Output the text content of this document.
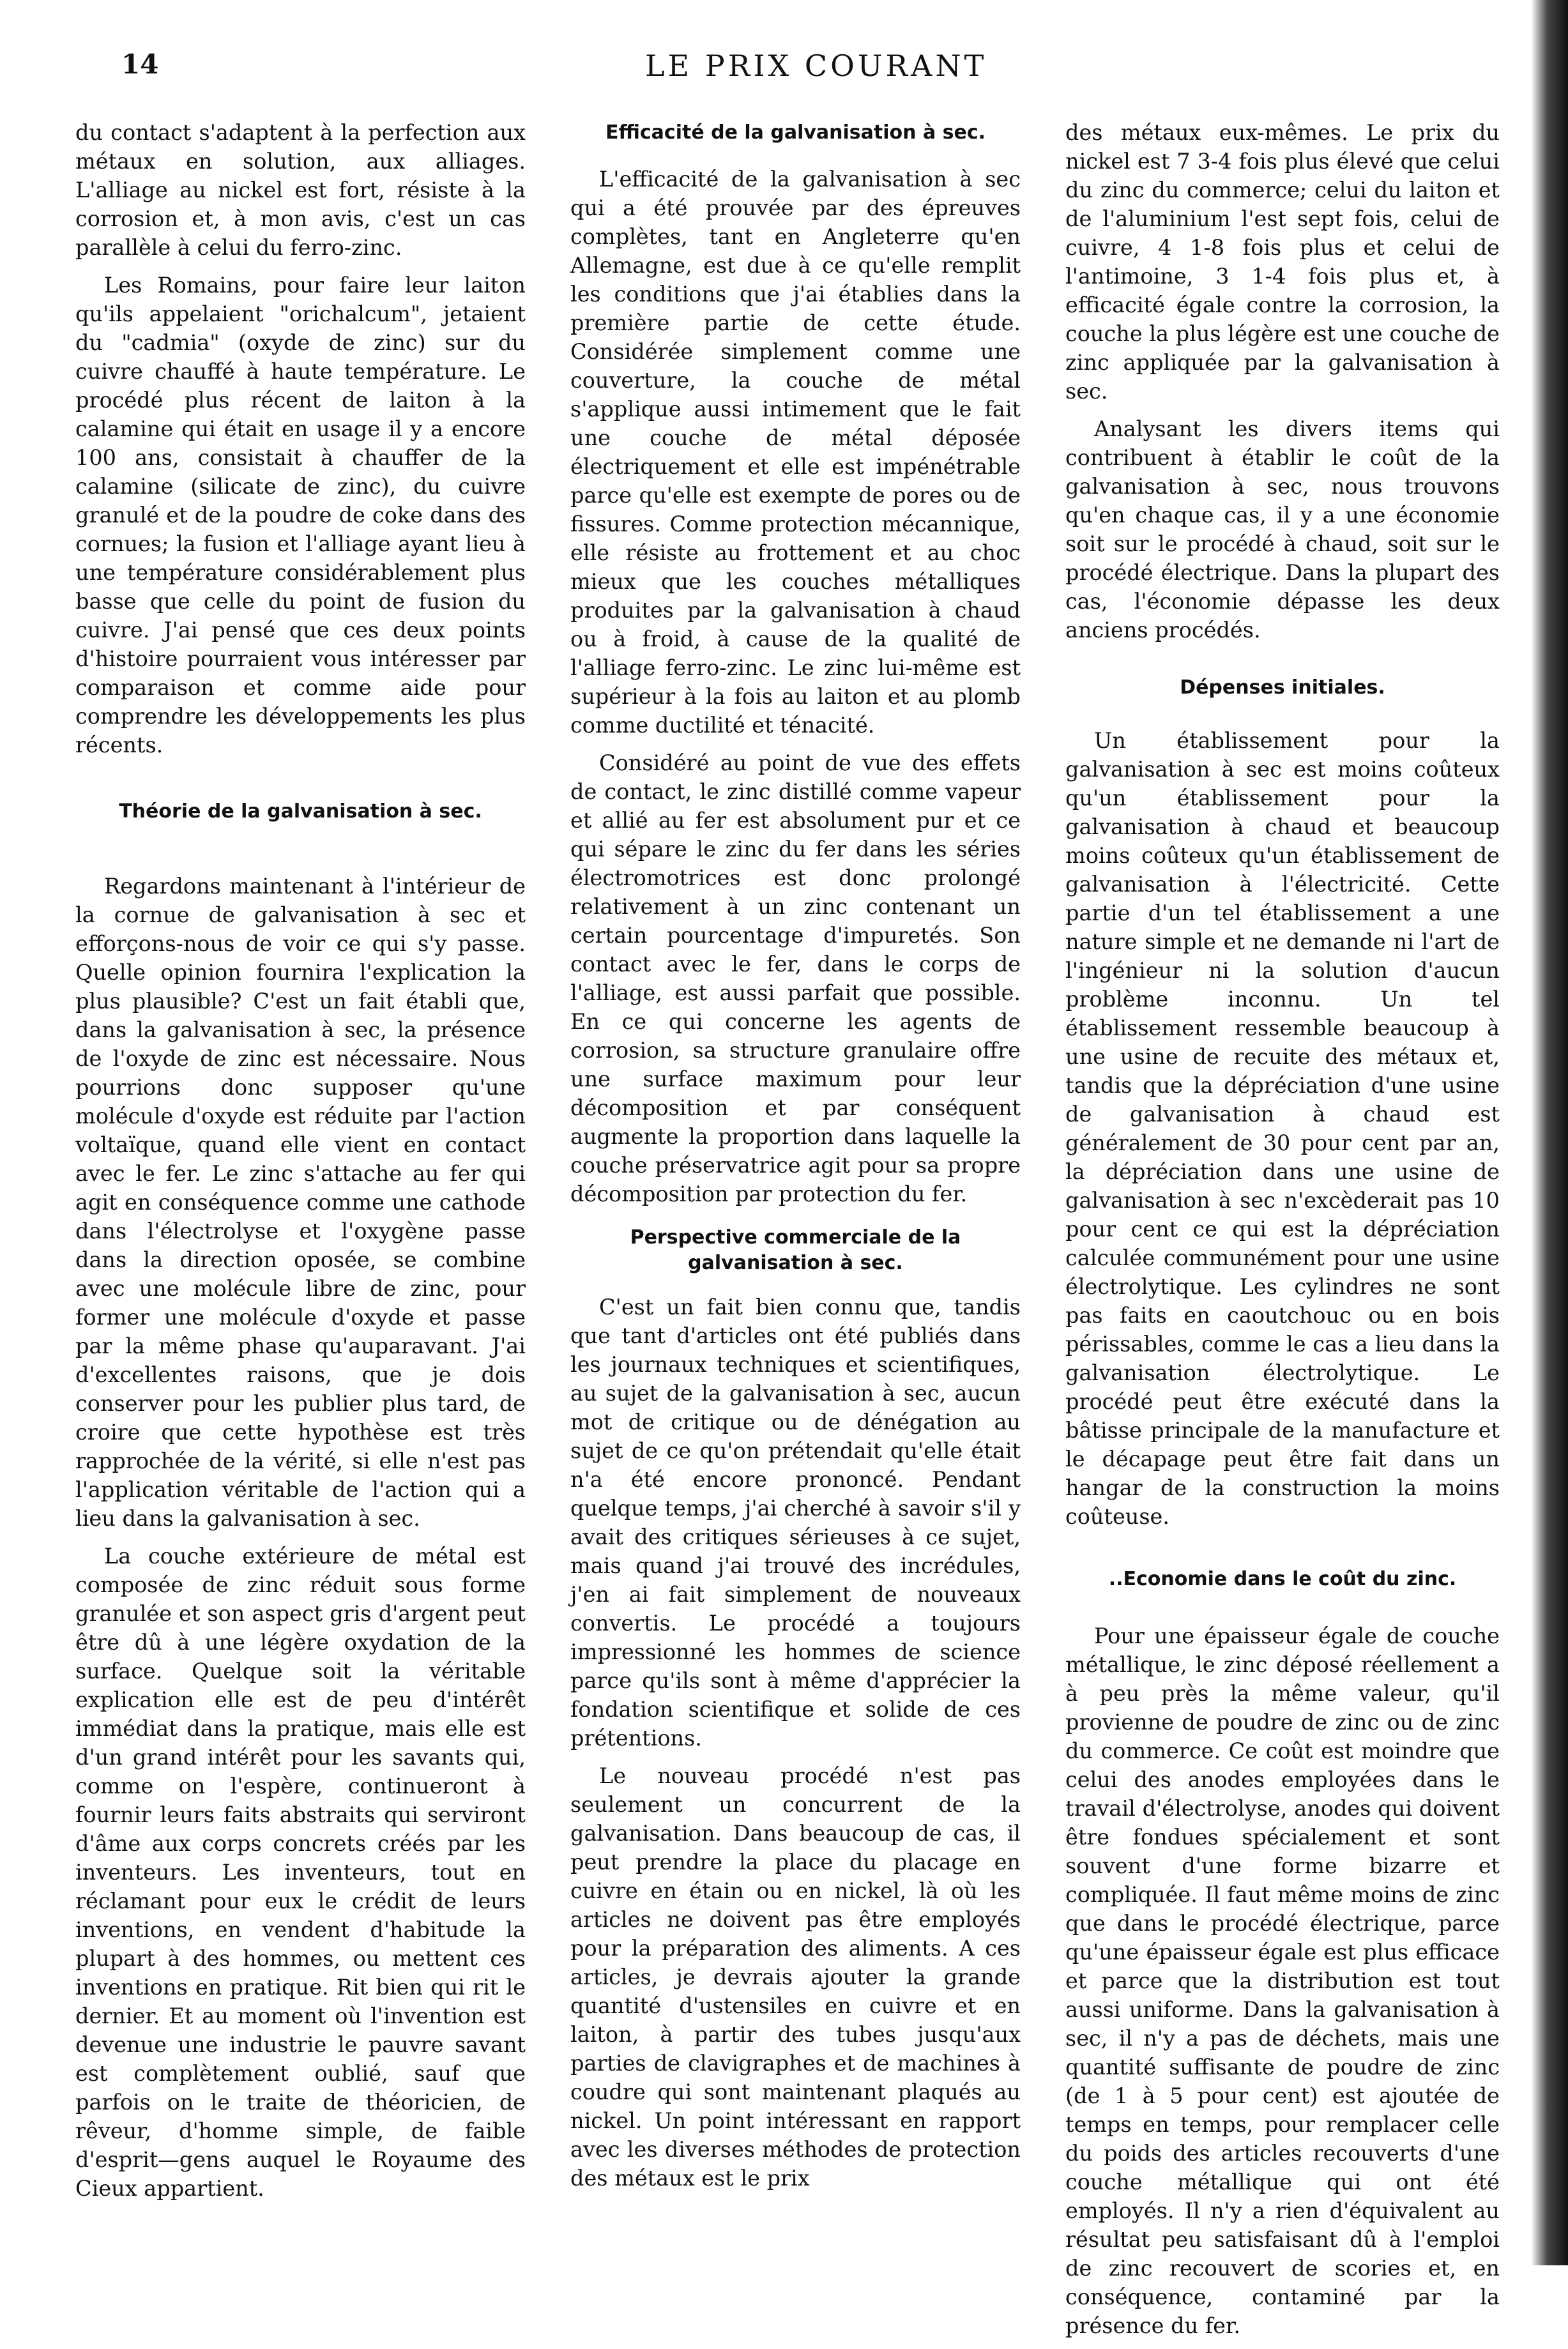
14	LE PRIX COURANT

du contact s'adaptent à la perfection aux métaux en solution, aux alliages. L'alliage au nickel est fort, résiste à la corrosion et, à mon avis, c'est un cas parallèle à celui du ferro-zinc.

Les Romains, pour faire leur laiton qu'ils appelaient "orichalcum", jetaient du "cadmia" (oxyde de zinc) sur du cuivre chauffé à haute température. Le procédé plus récent de laiton à la calamine qui était en usage il y a encore 100 ans, consistait à chauffer de la calamine (silicate de zinc), du cuivre granulé et de la poudre de coke dans des cornues; la fusion et l'alliage ayant lieu à une température considérablement plus basse que celle du point de fusion du cuivre. J'ai pensé que ces deux points d'histoire pourraient vous intéresser par comparaison et comme aide pour comprendre les développements les plus récents.

Théorie de la galvanisation à sec.

Regardons maintenant à l'intérieur de la cornue de galvanisation à sec et efforçons-nous de voir ce qui s'y passe. Quelle opinion fournira l'explication la plus plausible? C'est un fait établi que, dans la galvanisation à sec, la présence de l'oxyde de zinc est nécessaire. Nous pourrions donc supposer qu'une molécule d'oxyde est réduite par l'action voltaïque, quand elle vient en contact avec le fer. Le zinc s'attache au fer qui agit en conséquence comme une cathode dans l'électrolyse et l'oxygène passe dans la direction oposée, se combine avec une molécule libre de zinc, pour former une molécule d'oxyde et passe par la même phase qu'auparavant. J'ai d'excellentes raisons, que je dois conserver pour les publier plus tard, de croire que cette hypothèse est très rapprochée de la vérité, si elle n'est pas l'application véritable de l'action qui a lieu dans la galvanisation à sec.

La couche extérieure de métal est composée de zinc réduit sous forme granulée et son aspect gris d'argent peut être dû à une légère oxydation de la surface. Quelque soit la véritable explication elle est de peu d'intérêt immédiat dans la pratique, mais elle est d'un grand intérêt pour les savants qui, comme on l'espère, continueront à fournir leurs faits abstraits qui serviront d'âme aux corps concrets créés par les inventeurs. Les inventeurs, tout en réclamant pour eux le crédit de leurs inventions, en vendent d'habitude la plupart à des hommes, ou mettent ces inventions en pratique. Rit bien qui rit le dernier. Et au moment où l'invention est devenue une industrie le pauvre savant est complètement oublié, sauf que parfois on le traite de théoricien, de rêveur, d'homme simple, de faible d'esprit—gens auquel le Royaume des Cieux appartient.

Efficacité de la galvanisation à sec.

L'efficacité de la galvanisation à sec qui a été prouvée par des épreuves complètes, tant en Angleterre qu'en Allemagne, est due à ce qu'elle remplit les conditions que j'ai établies dans la première partie de cette étude. Considérée simplement comme une couverture, la couche de métal s'applique aussi intimement que le fait une couche de métal déposée électriquement et elle est impénétrable parce qu'elle est exempte de pores ou de fissures. Comme protection mécannique, elle résiste au frottement et au choc mieux que les couches métalliques produites par la galvanisation à chaud ou à froid, à cause de la qualité de l'alliage ferro-zinc. Le zinc lui-même est supérieur à la fois au laiton et au plomb comme ductilité et ténacité.

Considéré au point de vue des effets de contact, le zinc distillé comme vapeur et allié au fer est absolument pur et ce qui sépare le zinc du fer dans les séries électromotrices est donc prolongé relativement à un zinc contenant un certain pourcentage d'impuretés. Son contact avec le fer, dans le corps de l'alliage, est aussi parfait que possible. En ce qui concerne les agents de corrosion, sa structure granulaire offre une surface maximum pour leur décomposition et par conséquent augmente la proportion dans laquelle la couche préservatrice agit pour sa propre décomposition par protection du fer.

Perspective commerciale de la galvanisation à sec.

C'est un fait bien connu que, tandis que tant d'articles ont été publiés dans les journaux techniques et scientifiques, au sujet de la galvanisation à sec, aucun mot de critique ou de dénégation au sujet de ce qu'on prétendait qu'elle était n'a été encore prononcé. Pendant quelque temps, j'ai cherché à savoir s'il y avait des critiques sérieuses à ce sujet, mais quand j'ai trouvé des incrédules, j'en ai fait simplement de nouveaux convertis. Le procédé a toujours impressionné les hommes de science parce qu'ils sont à même d'apprécier la fondation scientifique et solide de ces prétentions.

Le nouveau procédé n'est pas seulement un concurrent de la galvanisation. Dans beaucoup de cas, il peut prendre la place du placage en cuivre en étain ou en nickel, là où les articles ne doivent pas être employés pour la préparation des aliments. A ces articles, je devrais ajouter la grande quantité d'ustensiles en cuivre et en laiton, à partir des tubes jusqu'aux parties de clavigraphes et de machines à coudre qui sont maintenant plaqués au nickel. Un point intéressant en rapport avec les diverses méthodes de protection des métaux est le prix

des métaux eux-mêmes. Le prix du nickel est 7 3-4 fois plus élevé que celui du zinc du commerce; celui du laiton et de l'aluminium l'est sept fois, celui de cuivre, 4 1-8 fois plus et celui de l'antimoine, 3 1-4 fois plus et, à efficacité égale contre la corrosion, la couche la plus légère est une couche de zinc appliquée par la galvanisation à sec.

Analysant les divers items qui contribuent à établir le coût de la galvanisation à sec, nous trouvons qu'en chaque cas, il y a une économie soit sur le procédé à chaud, soit sur le procédé électrique. Dans la plupart des cas, l'économie dépasse les deux anciens procédés.

Dépenses initiales.

Un établissement pour la galvanisation à sec est moins coûteux qu'un établissement pour la galvanisation à chaud et beaucoup moins coûteux qu'un établissement de galvanisation à l'électricité. Cette partie d'un tel établissement a une nature simple et ne demande ni l'art de l'ingénieur ni la solution d'aucun problème inconnu. Un tel établissement ressemble beaucoup à une usine de recuite des métaux et, tandis que la dépréciation d'une usine de galvanisation à chaud est généralement de 30 pour cent par an, la dépréciation dans une usine de galvanisation à sec n'excèderait pas 10 pour cent ce qui est la dépréciation calculée communément pour une usine électrolytique. Les cylindres ne sont pas faits en caoutchouc ou en bois périssables, comme le cas a lieu dans la galvanisation électrolytique. Le procédé peut être exécuté dans la bâtisse principale de la manufacture et le décapage peut être fait dans un hangar de la construction la moins coûteuse.

..Economie dans le coût du zinc.

Pour une épaisseur égale de couche métallique, le zinc déposé réellement a à peu près la même valeur, qu'il provienne de poudre de zinc ou de zinc du commerce. Ce coût est moindre que celui des anodes employées dans le travail d'électrolyse, anodes qui doivent être fondues spécialement et sont souvent d'une forme bizarre et compliquée. Il faut même moins de zinc que dans le procédé électrique, parce qu'une épaisseur égale est plus efficace et parce que la distribution est tout aussi uniforme. Dans la galvanisation à sec, il n'y a pas de déchets, mais une quantité suffisante de poudre de zinc (de 1 à 5 pour cent) est ajoutée de temps en temps, pour remplacer celle du poids des articles recouverts d'une couche métallique qui ont été employés. Il n'y a rien d'équivalent au résultat peu satisfaisant dû à l'emploi de zinc recouvert de scories et, en conséquence, contaminé par la présence du fer.
